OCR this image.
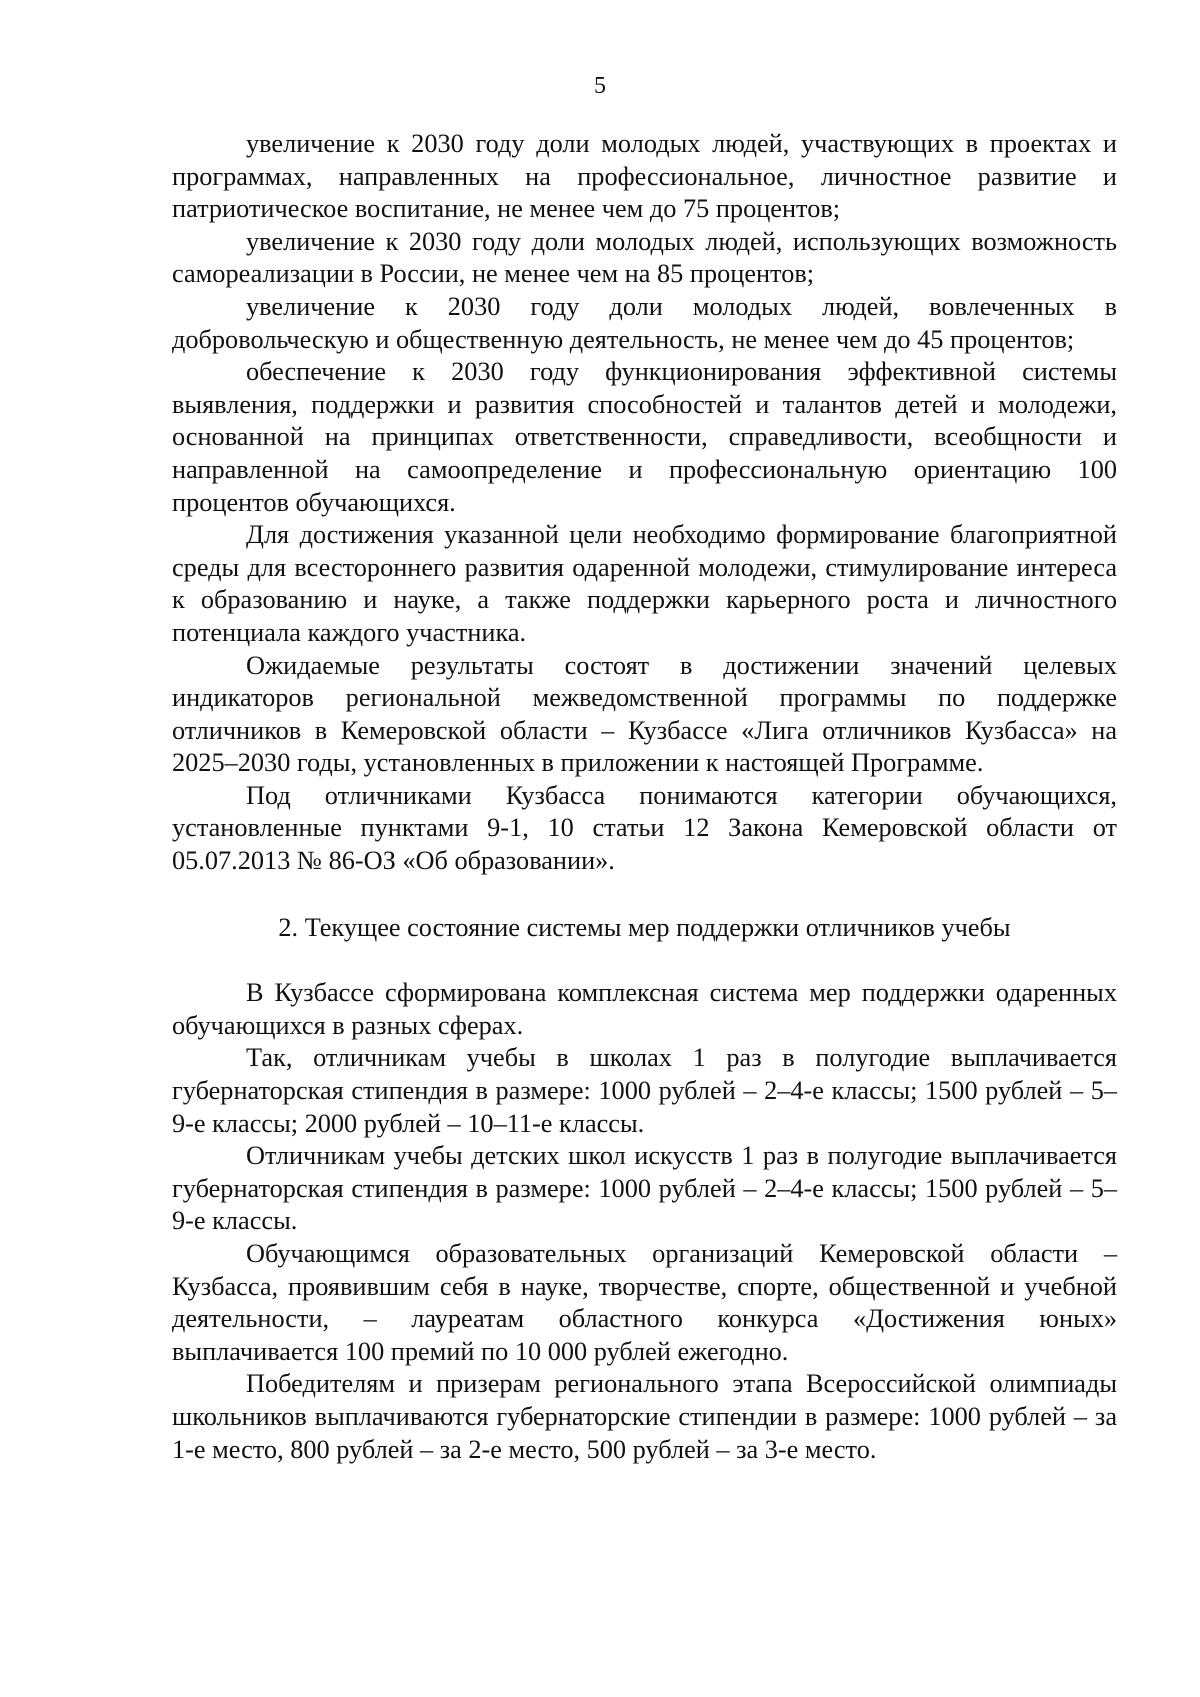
5

увеличение к 2030 году доли молодых людей, участвующих в проектах и программах, направленных на профессиональное, личностное развитие и патриотическое воспитание, не менее чем до 75 процентов;

увеличение к 2030 году доли молодых людей, использующих возможность самореализации в России, не менее чем на 85 процентов;

увеличение к 2030 году доли молодых людей, вовлеченных в добровольческую и общественную деятельность, не менее чем до 45 процентов;

обеспечение к 2030 году функционирования эффективной системы выявления, поддержки и развития способностей и талантов детей и молодежи, основанной на принципах ответственности, справедливости, всеобщности и направленной на самоопределение и профессиональную ориентацию 100 процентов обучающихся.

Для достижения указанной цели необходимо формирование благоприятной среды для всестороннего развития одаренной молодежи, стимулирование интереса к образованию и науке, а также поддержки карьерного роста и личностного потенциала каждого участника.

Ожидаемые результаты состоят в достижении значений целевых индикаторов региональной межведомственной программы по поддержке отличников в Кемеровской области – Кузбассе «Лига отличников Кузбасса» на 2025–2030 годы, установленных в приложении к настоящей Программе.

Под отличниками Кузбасса понимаются категории обучающихся, установленные пунктами 9-1, 10 статьи 12 Закона Кемеровской области от 05.07.2013 № 86-ОЗ «Об образовании».

2. Текущее состояние системы мер поддержки отличников учебы

В Кузбассе сформирована комплексная система мер поддержки одаренных обучающихся в разных сферах.

Так, отличникам учебы в школах 1 раз в полугодие выплачивается губернаторская стипендия в размере: 1000 рублей – 2–4-е классы; 1500 рублей – 5–9-е классы; 2000 рублей – 10–11-е классы.

Отличникам учебы детских школ искусств 1 раз в полугодие выплачивается губернаторская стипендия в размере: 1000 рублей – 2–4-е классы; 1500 рублей – 5–9-е классы.

Обучающимся образовательных организаций Кемеровской области – Кузбасса, проявившим себя в науке, творчестве, спорте, общественной и учебной деятельности, – лауреатам областного конкурса «Достижения юных» выплачивается 100 премий по 10 000 рублей ежегодно.

Победителям и призерам регионального этапа Всероссийской олимпиады школьников выплачиваются губернаторские стипендии в размере: 1000 рублей – за 1-е место, 800 рублей – за 2-е место, 500 рублей – за 3-е место.
